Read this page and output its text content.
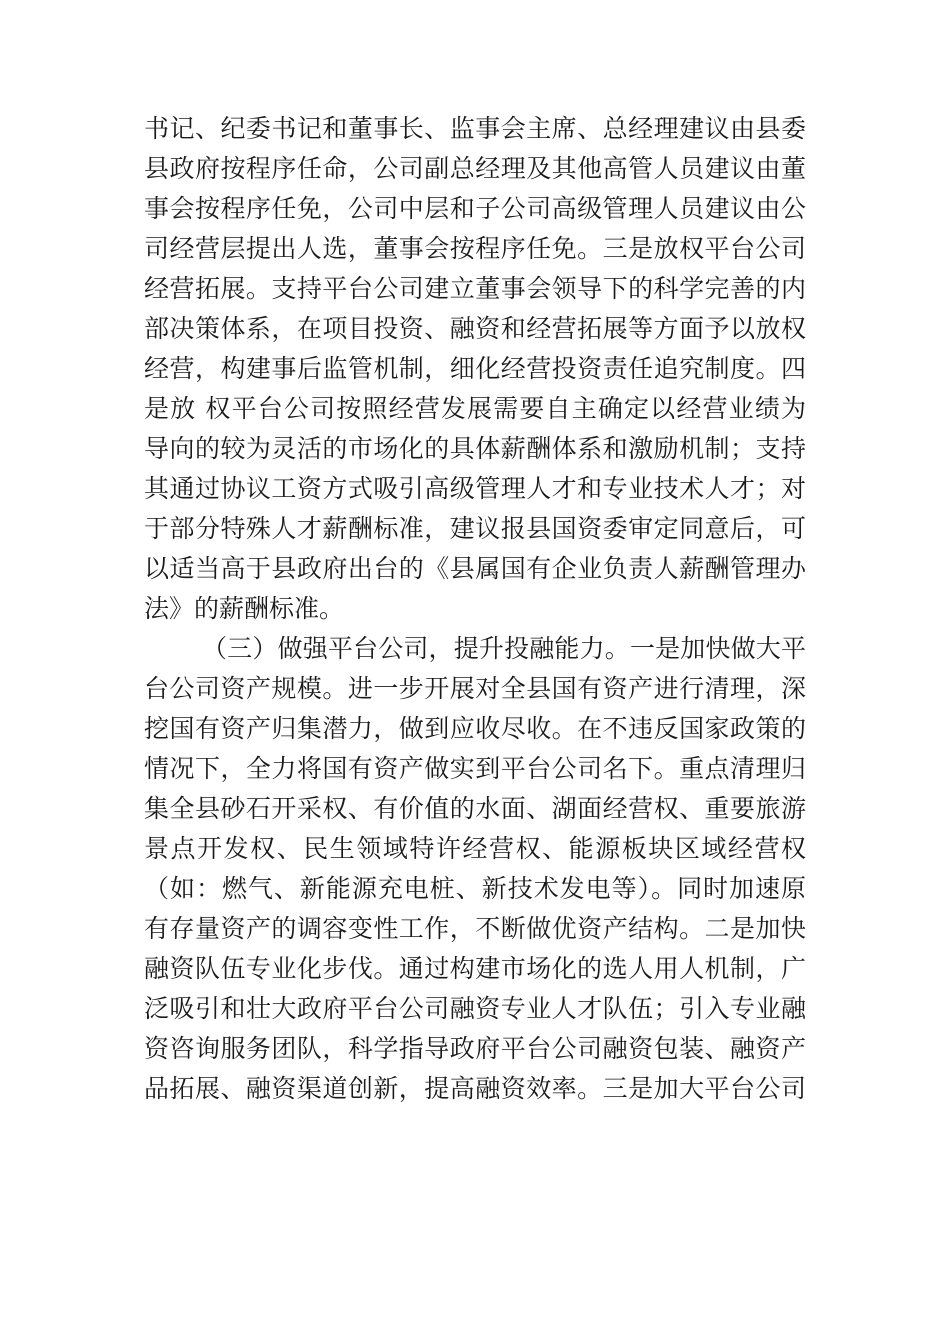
书记、纪委书记和董事长、监事会主席、总经理建议由县委
县政府按程序任命，公司副总经理及其他高管人员建议由董
事会按程序任免，公司中层和子公司高级管理人员建议由公
司经营层提出人选，董事会按程序任免。三是放权平台公司
经营拓展。支持平台公司建立董事会领导下的科学完善的内
部决策体系，在项目投资、融资和经营拓展等方面予以放权
经营，构建事后监管机制，细化经营投资责任追究制度。四
是放 权平台公司按照经营发展需要自主确定以经营业绩为
导向的较为灵活的市场化的具体薪酬体系和激励机制；支持
其通过协议工资方式吸引高级管理人才和专业技术人才；对
于部分特殊人才薪酬标准，建议报县国资委审定同意后，可
以适当高于县政府出台的《县属国有企业负责人薪酬管理办
法》的薪酬标准。
（三）做强平台公司，提升投融能力。一是加快做大平
台公司资产规模。进一步开展对全县国有资产进行清理，深
挖国有资产归集潜力，做到应收尽收。在不违反国家政策的
情况下，全力将国有资产做实到平台公司名下。重点清理归
集全县砂石开采权、有价值的水面、湖面经营权、重要旅游
景点开发权、民生领域特许经营权、能源板块区域经营权
（如：燃气、新能源充电桩、新技术发电等）。同时加速原
有存量资产的调容变性工作，不断做优资产结构。二是加快
融资队伍专业化步伐。通过构建市场化的选人用人机制，广
泛吸引和壮大政府平台公司融资专业人才队伍；引入专业融
资咨询服务团队，科学指导政府平台公司融资包装、融资产
品拓展、融资渠道创新，提高融资效率。三是加大平台公司
